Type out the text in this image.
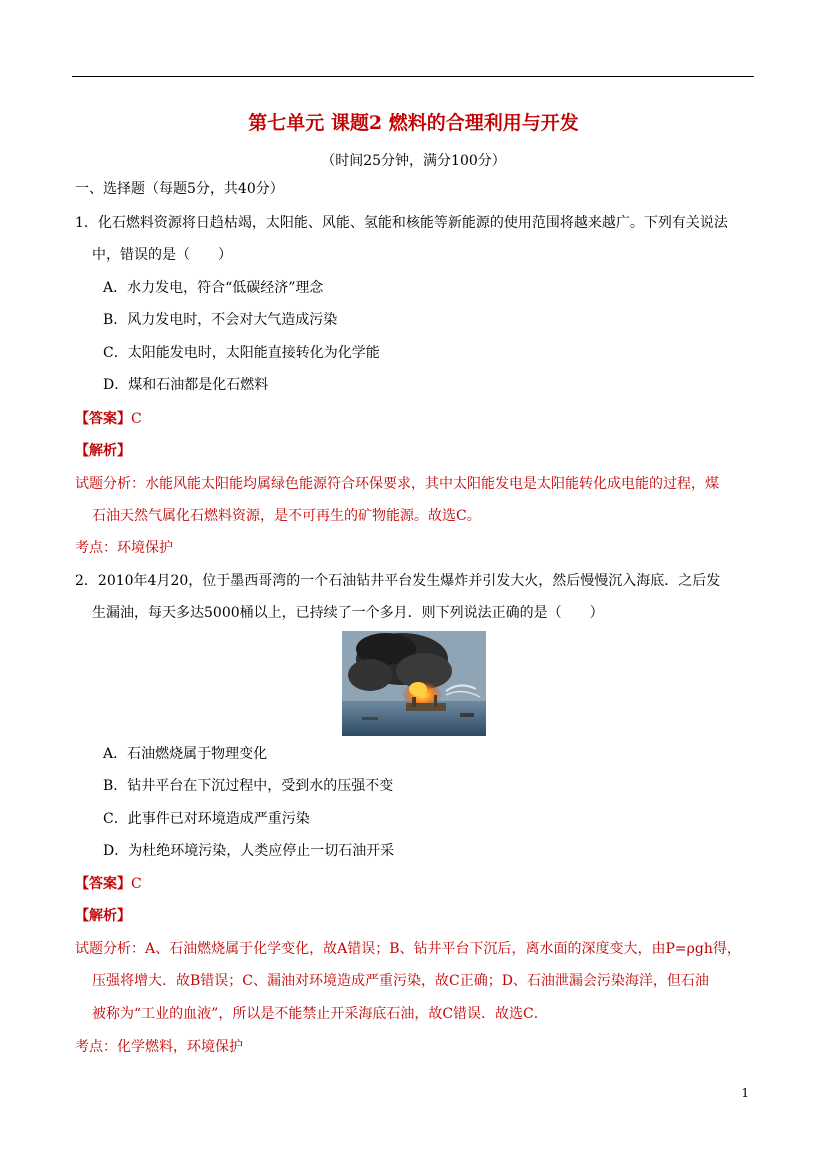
第七单元 课题2 燃料的合理利用与开发
（时间25分钟，满分100分）
一、选择题（每题5分，共40分）
1．化石燃料资源将日趋枯竭，太阳能、风能、氢能和核能等新能源的使用范围将越来越广。下列有关说法
中，错误的是（　　）
A．水力发电，符合“低碳经济”理念
B．风力发电时，不会对大气造成污染
C．太阳能发电时，太阳能直接转化为化学能
D．煤和石油都是化石燃料
【答案】C
【解析】
试题分析：水能风能太阳能均属绿色能源符合环保要求，其中太阳能发电是太阳能转化成电能的过程，煤
石油天然气属化石燃料资源，是不可再生的矿物能源。故选C。
考点：环境保护
2．2010年4月20，位于墨西哥湾的一个石油钻井平台发生爆炸并引发大火，然后慢慢沉入海底．之后发
生漏油，每天多达5000桶以上，已持续了一个多月．则下列说法正确的是（　　）
A．石油燃烧属于物理变化
B．钻井平台在下沉过程中，受到水的压强不变
C．此事件已对环境造成严重污染
D．为杜绝环境污染，人类应停止一切石油开采
【答案】C
【解析】
试题分析：A、石油燃烧属于化学变化，故A错误；B、钻井平台下沉后，离水面的深度变大，由P=ρgh得，
压强将增大．故B错误；C、漏油对环境造成严重污染，故C正确；D、石油泄漏会污染海洋，但石油
被称为“工业的血液”，所以是不能禁止开采海底石油，故C错误．故选C．
考点：化学燃料，环境保护
1
